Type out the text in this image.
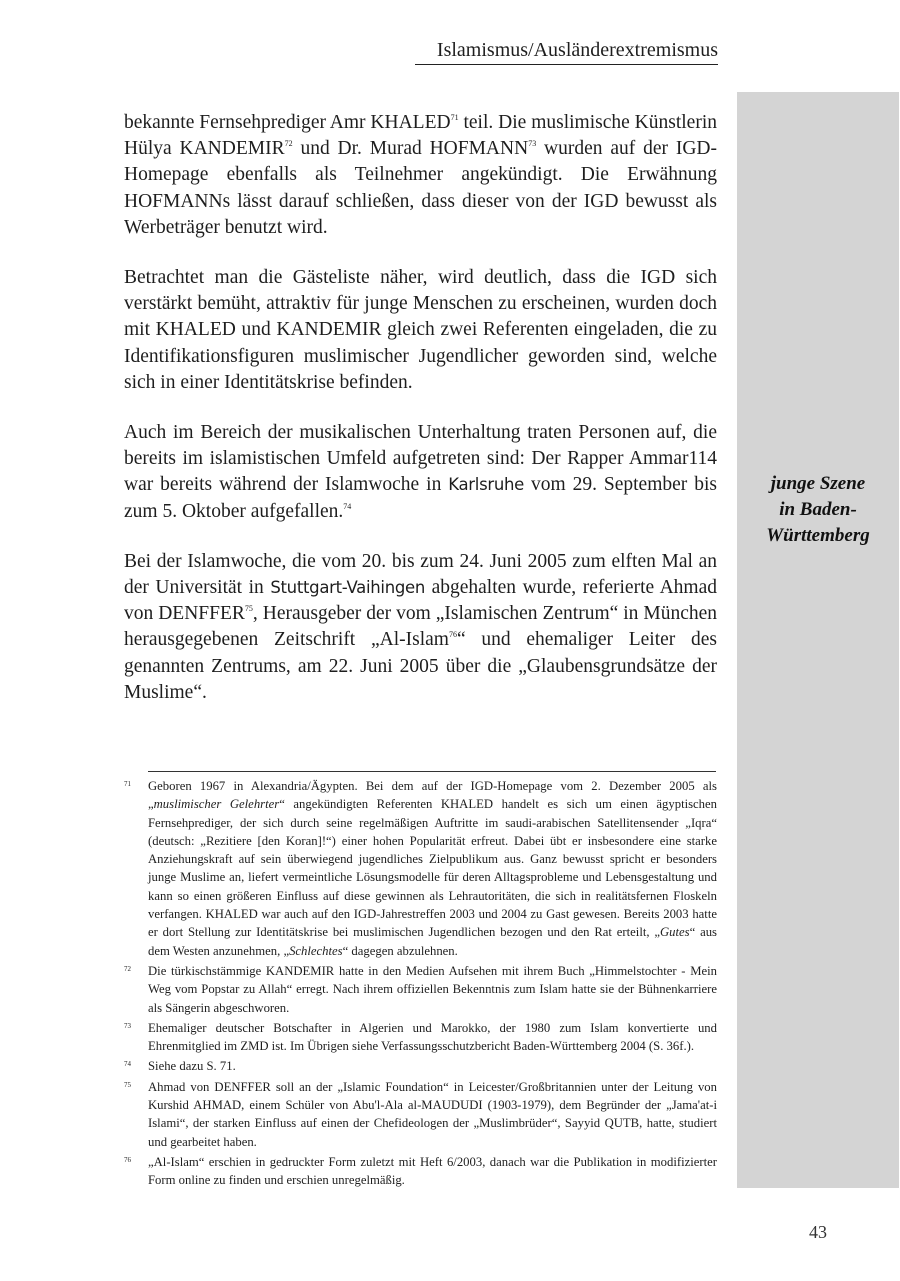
Islamismus/Ausländerextremismus
junge Szene
in Baden-
Württemberg

bekannte Fernsehprediger Amr KHALED$^{71}$ teil. Die muslimische Künstlerin Hülya KANDEMIR$^{72}$ und Dr. Murad HOFMANN$^{73}$ wurden auf der IGD-Homepage ebenfalls als Teilnehmer angekündigt. Die Erwähnung HOFMANNs lässt darauf schließen, dass dieser von der IGD bewusst als Werbeträger benutzt wird.

Betrachtet man die Gästeliste näher, wird deutlich, dass die IGD sich verstärkt bemüht, attraktiv für junge Menschen zu erscheinen, wurden doch mit KHALED und KANDEMIR gleich zwei Referenten eingeladen, die zu Identifikationsfiguren muslimischer Jugendlicher geworden sind, welche sich in einer Identitätskrise befinden.

Auch im Bereich der musikalischen Unterhaltung traten Personen auf, die bereits im islamistischen Umfeld aufgetreten sind: Der Rapper Ammar114 war bereits während der Islamwoche in Karlsruhe vom 29. September bis zum 5. Oktober aufgefallen.$^{74}$

Bei der Islamwoche, die vom 20. bis zum 24. Juni 2005 zum elften Mal an der Universität in Stuttgart-Vaihingen abgehalten wurde, referierte Ahmad von DENFFER$^{75}$, Herausgeber der vom „Islamischen Zentrum“ in München herausgegebenen Zeitschrift „Al-Islam$^{76}$“ und ehemaliger Leiter des genannten Zentrums, am 22. Juni 2005 über die „Glaubensgrundsätze der Muslime“.

71 Geboren 1967 in Alexandria/Ägypten. Bei dem auf der IGD-Homepage vom 2. Dezember 2005 als „muslimischer Gelehrter“ angekündigten Referenten KHALED handelt es sich um einen ägyptischen Fernsehprediger, der sich durch seine regelmäßigen Auftritte im saudi-arabischen Satellitensender „Iqra“ (deutsch: „Rezitiere [den Koran]!“) einer hohen Popularität erfreut. Dabei übt er insbesondere eine starke Anziehungskraft auf sein überwiegend jugendliches Zielpublikum aus. Ganz bewusst spricht er besonders junge Muslime an, liefert vermeintliche Lösungsmodelle für deren Alltagsprobleme und Lebensgestaltung und kann so einen größeren Einfluss auf diese gewinnen als Lehrautoritäten, die sich in realitätsfernen Floskeln verfangen. KHALED war auch auf den IGD-Jahrestreffen 2003 und 2004 zu Gast gewesen. Bereits 2003 hatte er dort Stellung zur Identitätskrise bei muslimischen Jugendlichen bezogen und den Rat erteilt, „Gutes“ aus dem Westen anzunehmen, „Schlechtes“ dagegen abzulehnen.
72 Die türkischstämmige KANDEMIR hatte in den Medien Aufsehen mit ihrem Buch „Himmelstochter - Mein Weg vom Popstar zu Allah“ erregt. Nach ihrem offiziellen Bekenntnis zum Islam hatte sie der Bühnenkarriere als Sängerin abgeschworen.
73 Ehemaliger deutscher Botschafter in Algerien und Marokko, der 1980 zum Islam konvertierte und Ehrenmitglied im ZMD ist. Im Übrigen siehe Verfassungsschutzbericht Baden-Württemberg 2004 (S. 36f.).
74 Siehe dazu S. 71.
75 Ahmad von DENFFER soll an der „Islamic Foundation“ in Leicester/Großbritannien unter der Leitung von Kurshid AHMAD, einem Schüler von Abu'l-Ala al-MAUDUDI (1903-1979), dem Begründer der „Jama'at-i Islami“, der starken Einfluss auf einen der Chefideologen der „Muslimbrüder“, Sayyid QUTB, hatte, studiert und gearbeitet haben.
76 „Al-Islam“ erschien in gedruckter Form zuletzt mit Heft 6/2003, danach war die Publikation in modifizierter Form online zu finden und erschien unregelmäßig.
43
